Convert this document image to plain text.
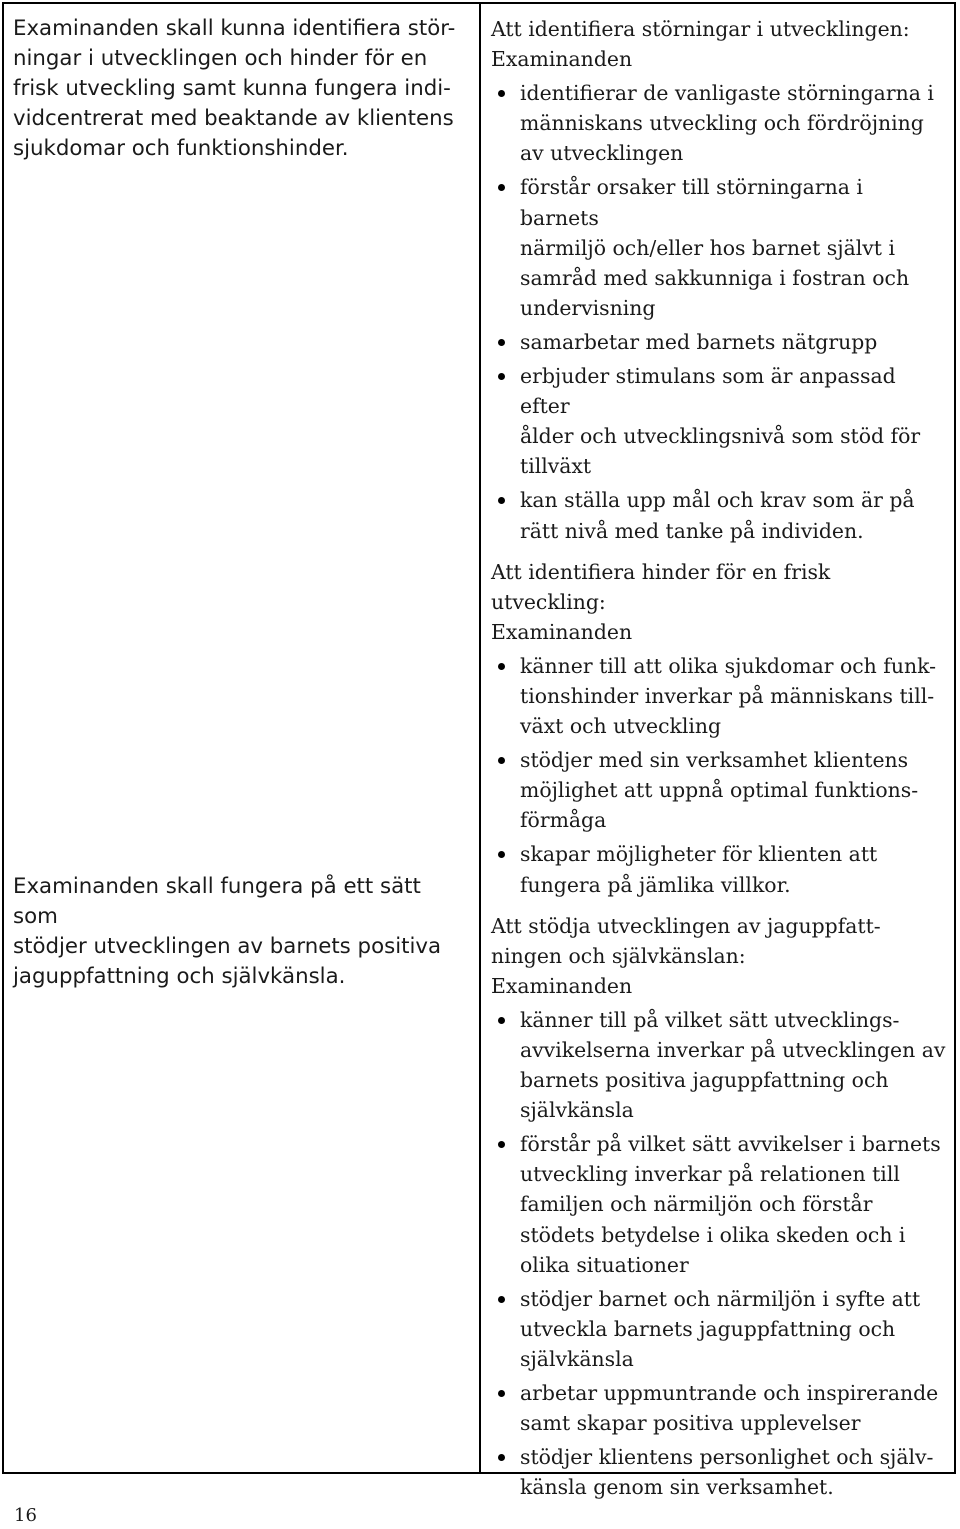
Examinanden skall kunna identifiera stör-
ningar i utvecklingen och hinder för en
frisk utveckling samt kunna fungera indi-
vidcentrerat med beaktande av klientens
sjukdomar och funktionshinder.

Examinanden skall fungera på ett sätt som
stödjer utvecklingen av barnets positiva
jaguppfattning och självkänsla.

Att identifiera störningar i utvecklingen:

Examinanden

identifierar de vanligaste störningarna i
människans utveckling och fördröjning
av utvecklingen
förstår orsaker till störningarna i barnets
närmiljö och/eller hos barnet självt i
samråd med sakkunniga i fostran och
undervisning
samarbetar med barnets nätgrupp
erbjuder stimulans som är anpassad efter
ålder och utvecklingsnivå som stöd för
tillväxt
kan ställa upp mål och krav som är på
rätt nivå med tanke på individen.
Att identifiera hinder för en frisk
utveckling:

Examinanden

känner till att olika sjukdomar och funk-
tionshinder inverkar på människans till-
växt och utveckling
stödjer med sin verksamhet klientens
möjlighet att uppnå optimal funktions-
förmåga
skapar möjligheter för klienten att
fungera på jämlika villkor.
Att stödja utvecklingen av jaguppfatt-
ningen och självkänslan:

Examinanden

känner till på vilket sätt utvecklings-
avvikelserna inverkar på utvecklingen av
barnets positiva jaguppfattning och
självkänsla
förstår på vilket sätt avvikelser i barnets
utveckling inverkar på relationen till
familjen och närmiljön och förstår
stödets betydelse i olika skeden och i
olika situationer
stödjer barnet och närmiljön i syfte att
utveckla barnets jaguppfattning och
självkänsla
arbetar uppmuntrande och inspirerande
samt skapar positiva upplevelser
stödjer klientens personlighet och själv-
känsla genom sin verksamhet.
16
